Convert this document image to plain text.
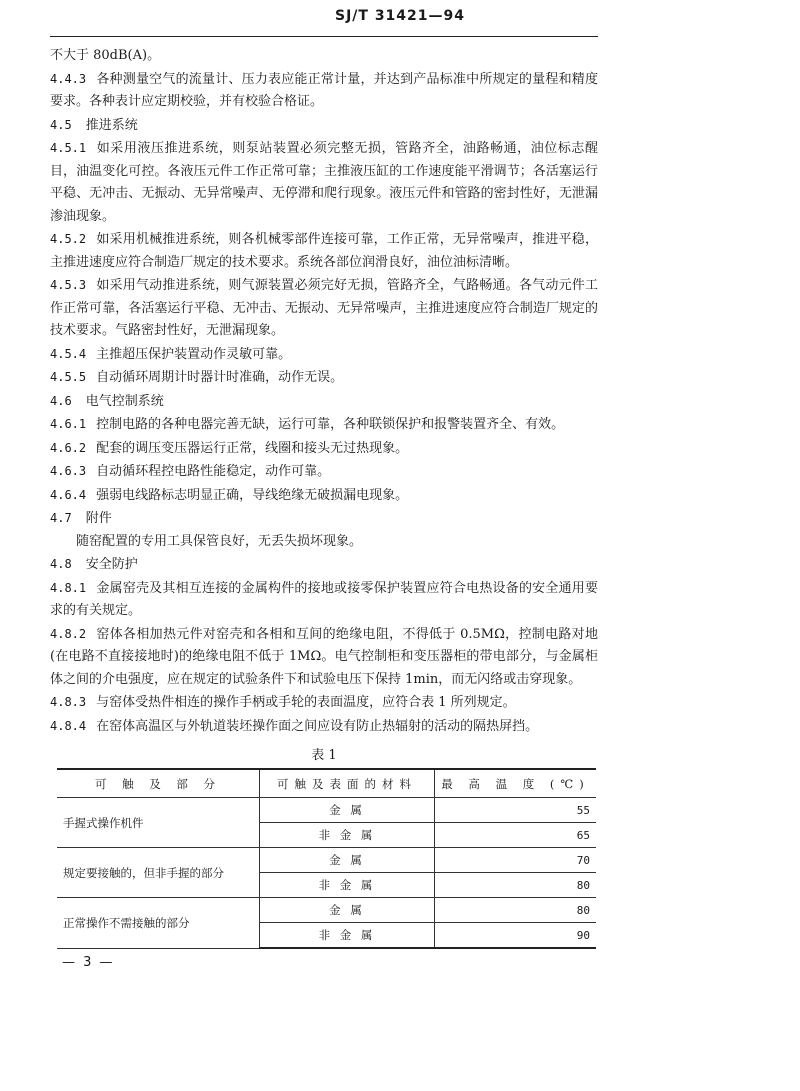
SJ/T 31421—94

不大于 80dB(A)。

4.4.3 各种测量空气的流量计、压力表应能正常计量，并达到产品标准中所规定的量程和精度要求。各种表计应定期校验，并有校验合格证。

4.5 推进系统

4.5.1 如采用液压推进系统，则泵站装置必须完整无损，管路齐全，油路畅通，油位标志醒目，油温变化可控。各液压元件工作正常可靠；主推液压缸的工作速度能平滑调节；各活塞运行平稳、无冲击、无振动、无异常噪声、无停滞和爬行现象。液压元件和管路的密封性好，无泄漏渗油现象。

4.5.2 如采用机械推进系统，则各机械零部件连接可靠，工作正常，无异常噪声，推进平稳，主推进速度应符合制造厂规定的技术要求。系统各部位润滑良好，油位油标清晰。

4.5.3 如采用气动推进系统，则气源装置必须完好无损，管路齐全，气路畅通。各气动元件工作正常可靠，各活塞运行平稳、无冲击、无振动、无异常噪声，主推进速度应符合制造厂规定的技术要求。气路密封性好，无泄漏现象。

4.5.4 主推超压保护装置动作灵敏可靠。

4.5.5 自动循环周期计时器计时准确，动作无误。

4.6 电气控制系统

4.6.1 控制电路的各种电器完善无缺，运行可靠，各种联锁保护和报警装置齐全、有效。

4.6.2 配套的调压变压器运行正常，线圈和接头无过热现象。

4.6.3 自动循环程控电路性能稳定，动作可靠。

4.6.4 强弱电线路标志明显正确，导线绝缘无破损漏电现象。

4.7 附件

随窑配置的专用工具保管良好，无丢失损坏现象。

4.8 安全防护

4.8.1 金属窑壳及其相互连接的金属构件的接地或接零保护装置应符合电热设备的安全通用要求的有关规定。

4.8.2 窑体各相加热元件对窑壳和各相和互间的绝缘电阻，不得低于 0.5MΩ，控制电路对地(在电路不直接接地时)的绝缘电阻不低于 1MΩ。电气控制柜和变压器柜的带电部分，与金属柜体之间的介电强度，应在规定的试验条件下和试验电压下保持 1min，而无闪络或击穿现象。

4.8.3 与窑体受热件相连的操作手柄或手轮的表面温度，应符合表 1 所列规定。

4.8.4 在窑体高温区与外轨道装坯操作面之间应设有防止热辐射的活动的隔热屏挡。

表 1
可 触 及 部 分	可触及表面的材料	最 高 温 度 (℃)
手握式操作机件	金 属	55
	非 金 属	65
规定要接触的，但非手握的部分	金 属	70
	非 金 属	80
正常操作不需接触的部分	金 属	80
	非 金 属	90
— 3 —
